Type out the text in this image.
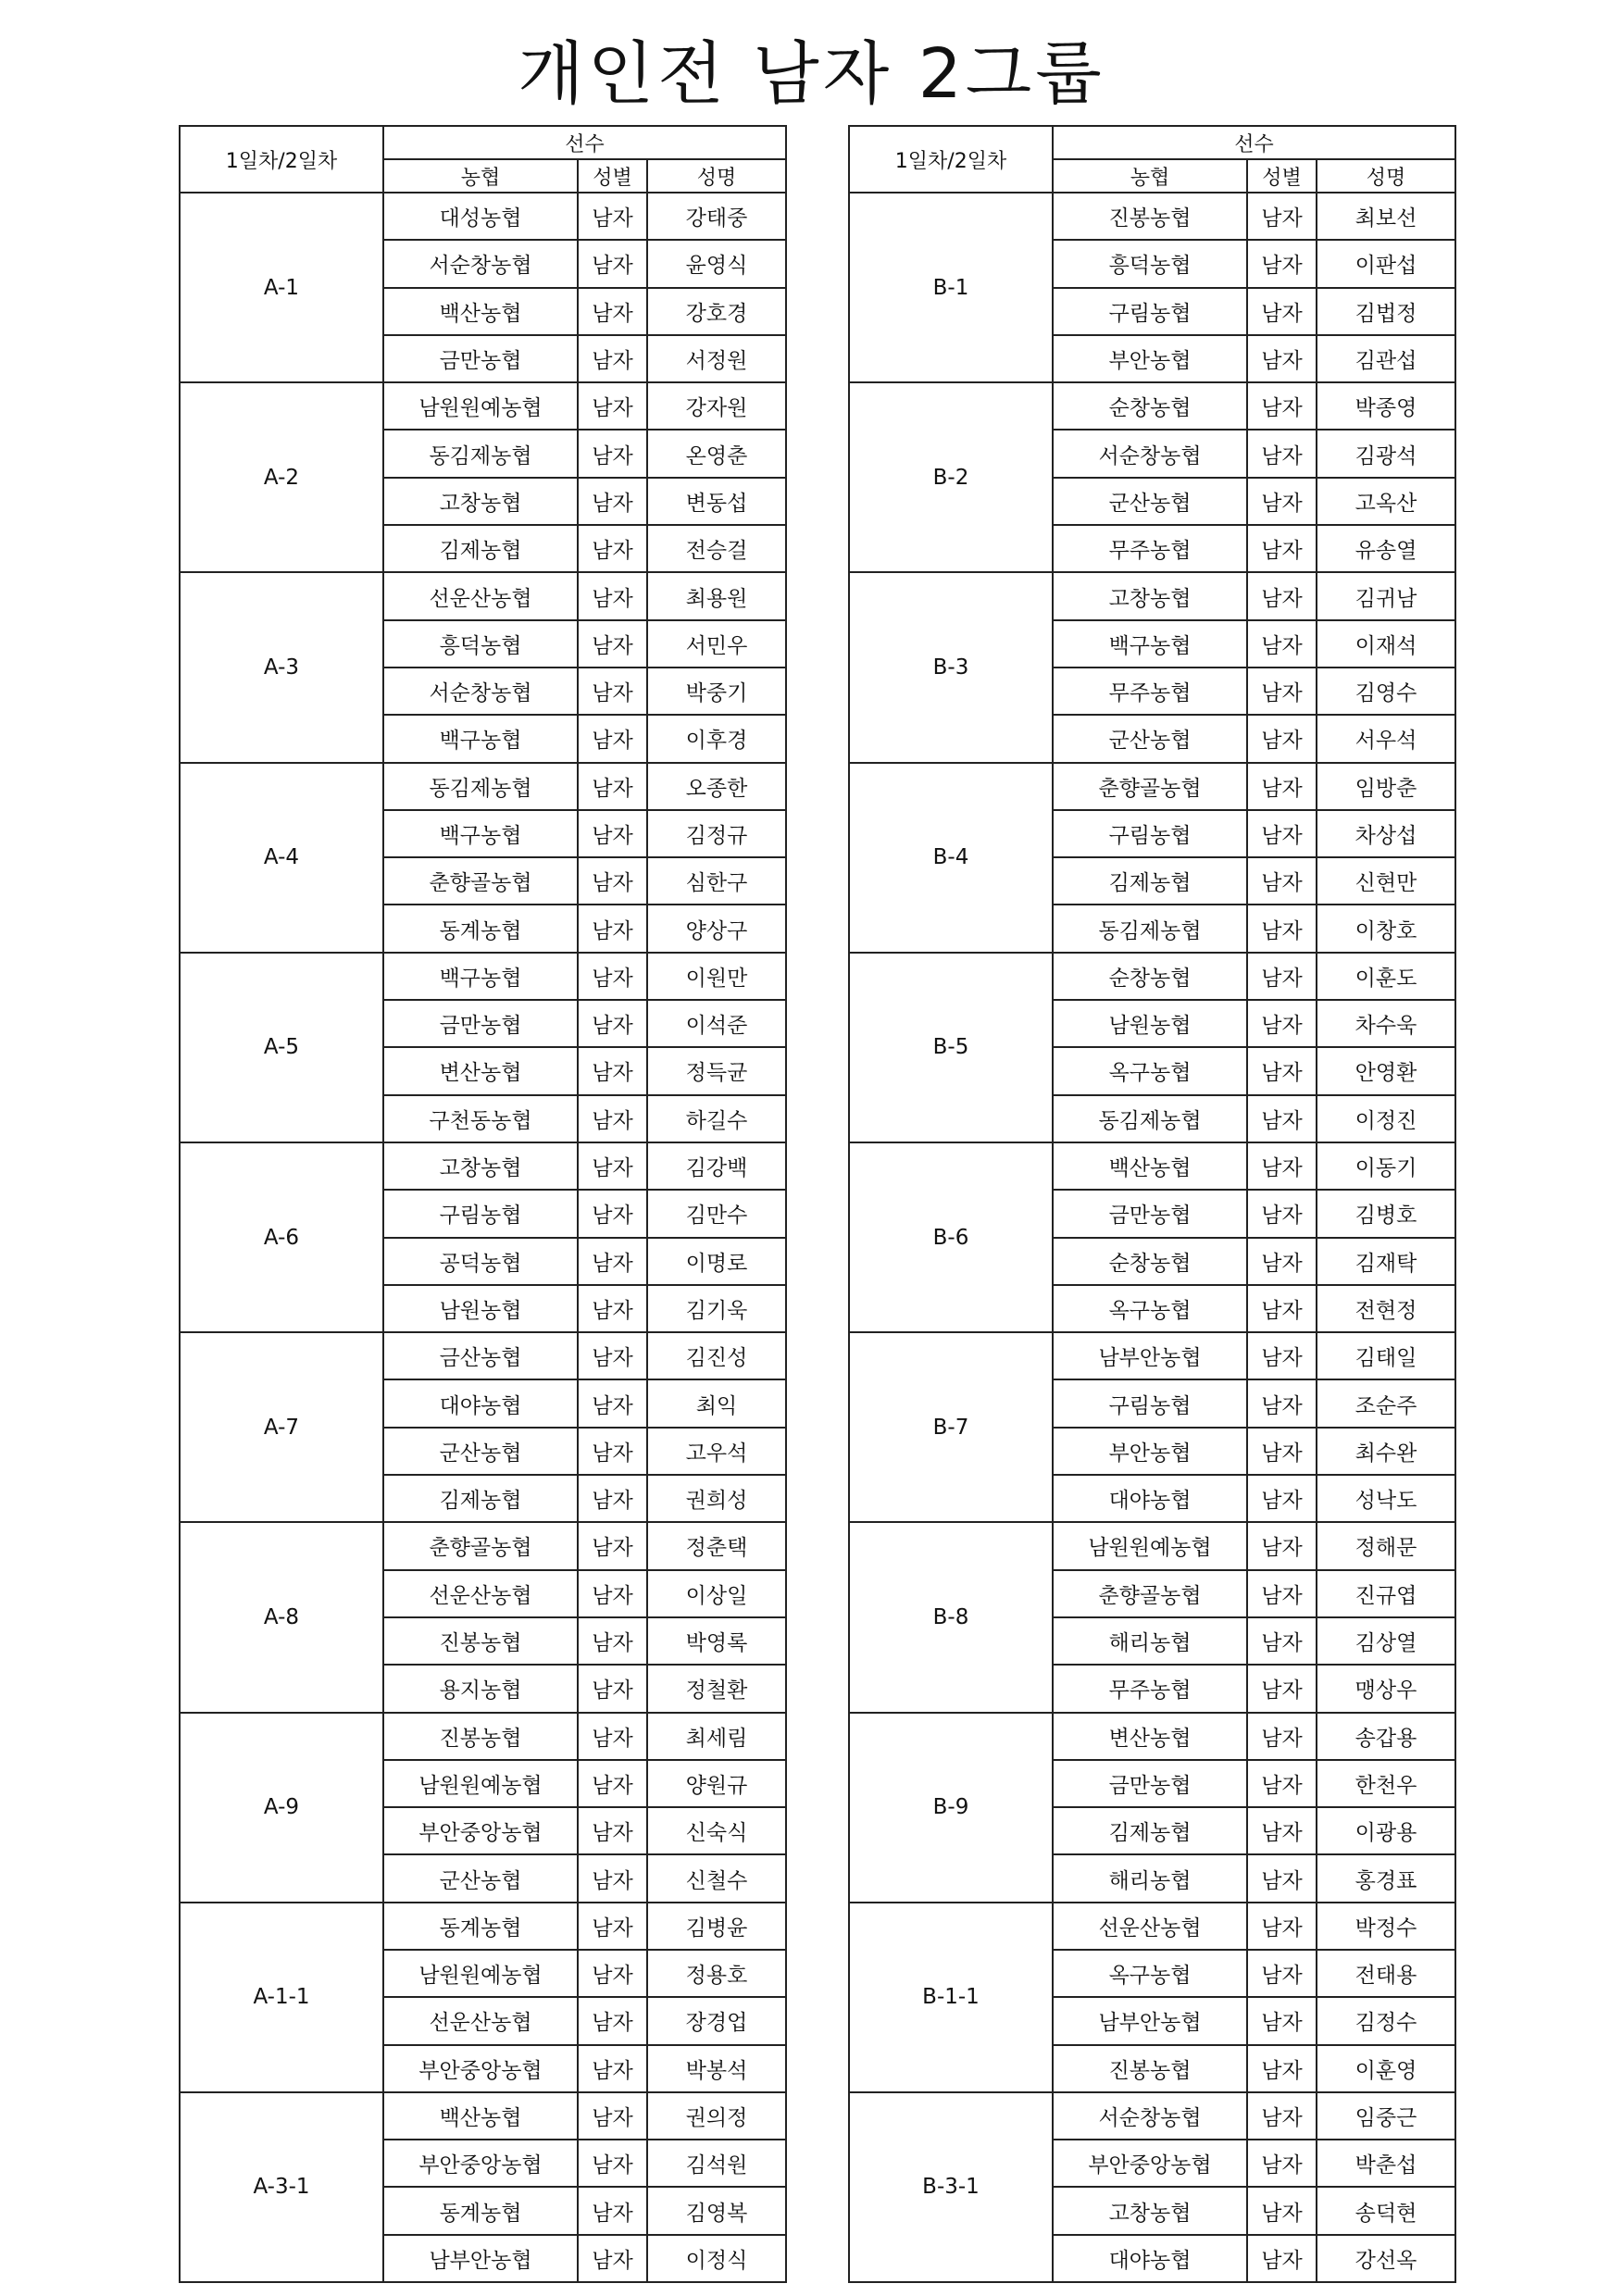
개인전 남자 2그룹
1일차/2일차	선수		
	농협	성별	성명
A-1	대성농협	남자	강태중
	서순창농협	남자	윤영식
	백산농협	남자	강호경
	금만농협	남자	서정원
A-2	남원원예농협	남자	강자원
	동김제농협	남자	온영춘
	고창농협	남자	변동섭
	김제농협	남자	전승걸
A-3	선운산농협	남자	최용원
	흥덕농협	남자	서민우
	서순창농협	남자	박중기
	백구농협	남자	이후경
A-4	동김제농협	남자	오종한
	백구농협	남자	김정규
	춘향골농협	남자	심한구
	동계농협	남자	양상구
A-5	백구농협	남자	이원만
	금만농협	남자	이석준
	변산농협	남자	정득균
	구천동농협	남자	하길수
A-6	고창농협	남자	김강백
	구림농협	남자	김만수
	공덕농협	남자	이명로
	남원농협	남자	김기욱
A-7	금산농협	남자	김진성
	대야농협	남자	최익
	군산농협	남자	고우석
	김제농협	남자	권희성
A-8	춘향골농협	남자	정춘택
	선운산농협	남자	이상일
	진봉농협	남자	박영록
	용지농협	남자	정철환
A-9	진봉농협	남자	최세림
	남원원예농협	남자	양원규
	부안중앙농협	남자	신숙식
	군산농협	남자	신철수
A-1-1	동계농협	남자	김병윤
	남원원예농협	남자	정용호
	선운산농협	남자	장경업
	부안중앙농협	남자	박봉석
A-3-1	백산농협	남자	권의정
	부안중앙농협	남자	김석원
	동계농협	남자	김영복
	남부안농협	남자	이정식
1일차/2일차	선수		
	농협	성별	성명
B-1	진봉농협	남자	최보선
	흥덕농협	남자	이판섭
	구림농협	남자	김법정
	부안농협	남자	김관섭
B-2	순창농협	남자	박종영
	서순창농협	남자	김광석
	군산농협	남자	고옥산
	무주농협	남자	유송열
B-3	고창농협	남자	김귀남
	백구농협	남자	이재석
	무주농협	남자	김영수
	군산농협	남자	서우석
B-4	춘향골농협	남자	임방춘
	구림농협	남자	차상섭
	김제농협	남자	신현만
	동김제농협	남자	이창호
B-5	순창농협	남자	이훈도
	남원농협	남자	차수욱
	옥구농협	남자	안영환
	동김제농협	남자	이정진
B-6	백산농협	남자	이동기
	금만농협	남자	김병호
	순창농협	남자	김재탁
	옥구농협	남자	전현정
B-7	남부안농협	남자	김태일
	구림농협	남자	조순주
	부안농협	남자	최수완
	대야농협	남자	성낙도
B-8	남원원예농협	남자	정해문
	춘향골농협	남자	진규엽
	해리농협	남자	김상열
	무주농협	남자	맹상우
B-9	변산농협	남자	송갑용
	금만농협	남자	한천우
	김제농협	남자	이광용
	해리농협	남자	홍경표
B-1-1	선운산농협	남자	박정수
	옥구농협	남자	전태용
	남부안농협	남자	김정수
	진봉농협	남자	이훈영
B-3-1	서순창농협	남자	임중근
	부안중앙농협	남자	박춘섭
	고창농협	남자	송덕현
	대야농협	남자	강선옥
